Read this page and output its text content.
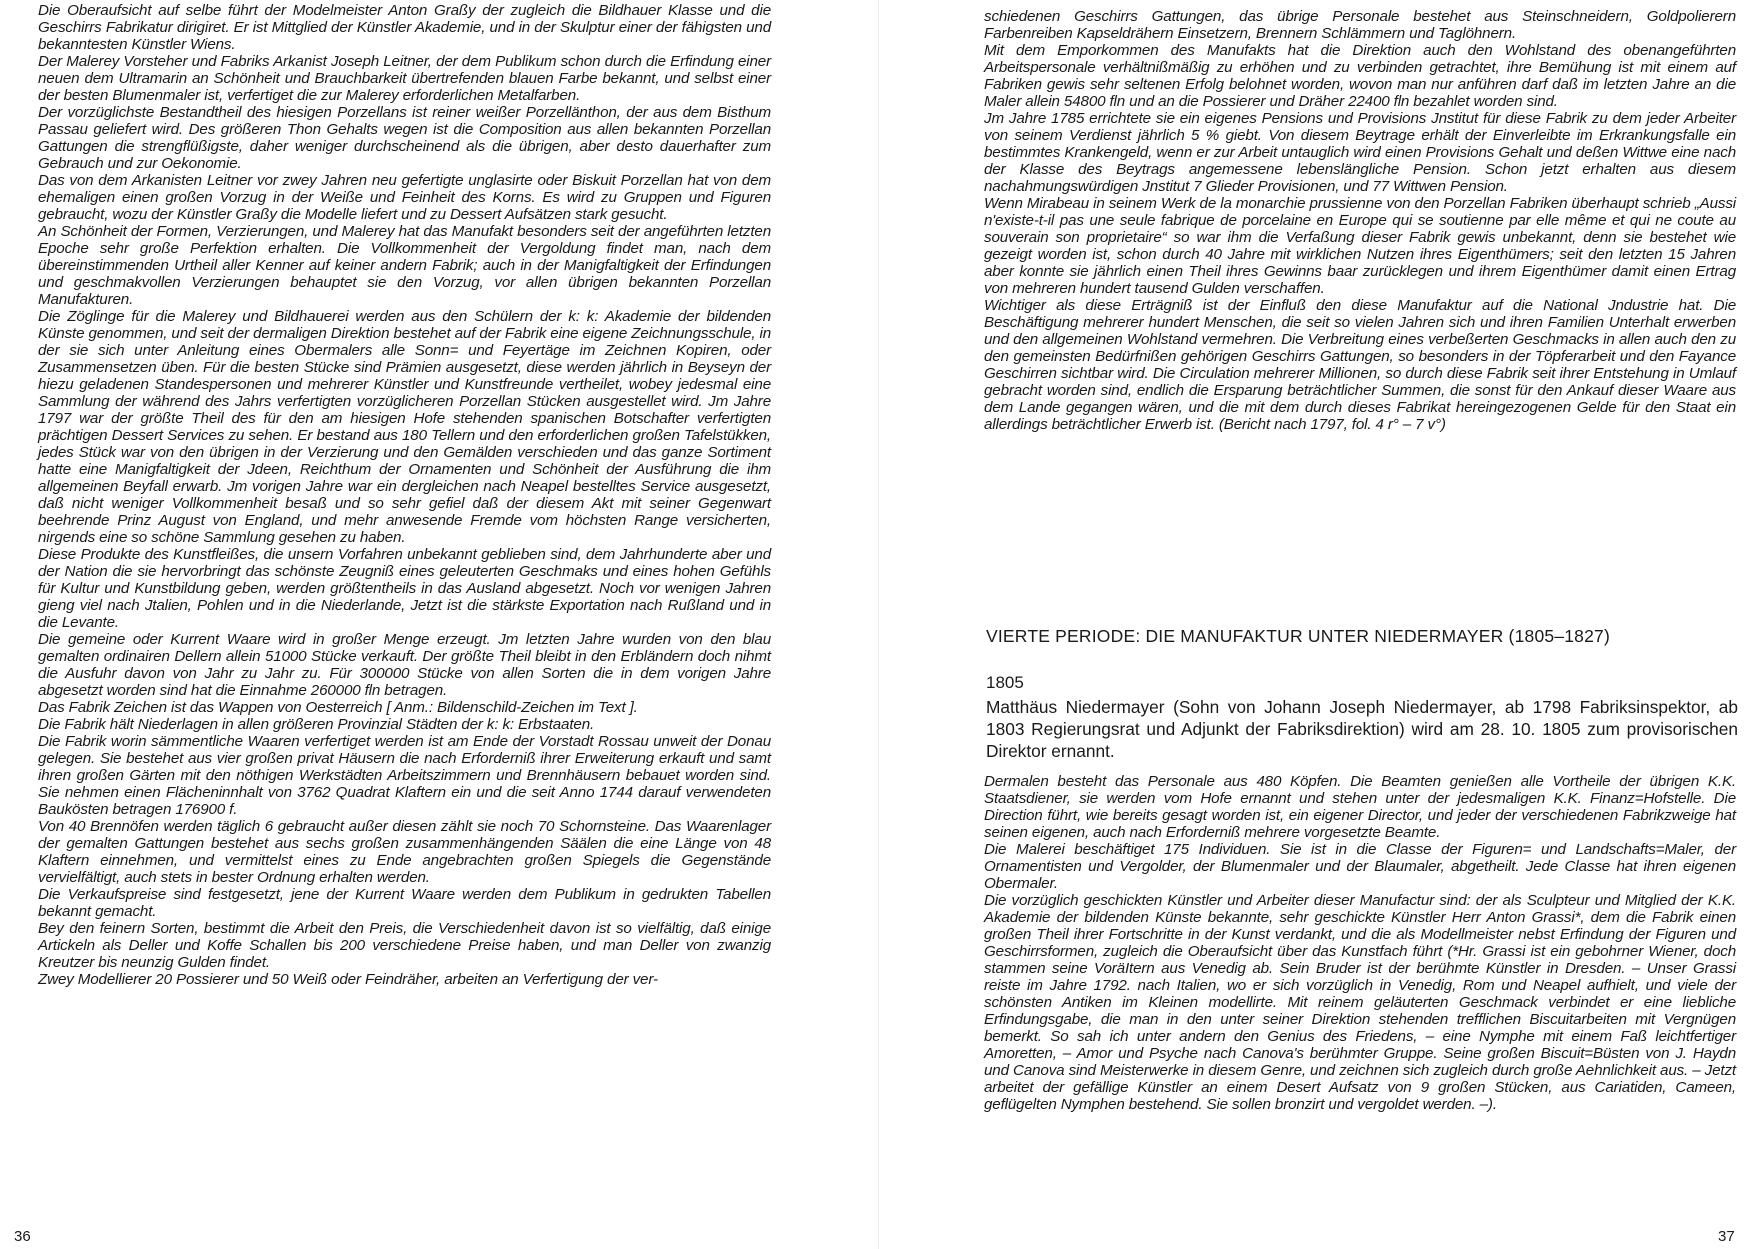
Die Oberaufsicht auf selbe führt der Modelmeister Anton Graßy der zugleich die Bildhauer Klasse und die Geschirrs Fabrikatur dirigiret. Er ist Mittglied der Künstler Akademie, und in der Skulptur einer der fähigsten und bekanntesten Künstler Wiens.

Der Malerey Vorsteher und Fabriks Arkanist Joseph Leitner, der dem Publikum schon durch die Erfindung einer neuen dem Ultramarin an Schönheit und Brauchbarkeit übertrefenden blauen Farbe bekannt, und selbst einer der besten Blumenmaler ist, verfertiget die zur Malerey erforderlichen Metalfarben.

Der vorzüglichste Bestandtheil des hiesigen Porzellans ist reiner weißer Porzellänthon, der aus dem Bisthum Passau geliefert wird. Des größeren Thon Gehalts wegen ist die Composition aus allen bekannten Porzellan Gattungen die strengflüßigste, daher weniger durchscheinend als die übrigen, aber desto dauerhafter zum Gebrauch und zur Oekonomie.

Das von dem Arkanisten Leitner vor zwey Jahren neu gefertigte unglasirte oder Biskuit Porzellan hat von dem ehemaligen einen großen Vorzug in der Weiße und Feinheit des Korns. Es wird zu Gruppen und Figuren gebraucht, wozu der Künstler Graßy die Modelle liefert und zu Dessert Aufsätzen stark gesucht.

An Schönheit der Formen, Verzierungen, und Malerey hat das Manufakt besonders seit der angeführten letzten Epoche sehr große Perfektion erhalten. Die Vollkommenheit der Vergoldung findet man, nach dem übereinstimmenden Urtheil aller Kenner auf keiner andern Fabrik; auch in der Manigfaltigkeit der Erfindungen und geschmakvollen Verzierungen behauptet sie den Vorzug, vor allen übrigen bekannten Porzellan Manufakturen.

Die Zöglinge für die Malerey und Bildhauerei werden aus den Schülern der k: k: Akademie der bildenden Künste genommen, und seit der dermaligen Direktion bestehet auf der Fabrik eine eigene Zeichnungsschule, in der sie sich unter Anleitung eines Obermalers alle Sonn= und Feyertäge im Zeichnen Kopiren, oder Zusammensetzen üben. Für die besten Stücke sind Prämien ausgesetzt, diese werden jährlich in Beyseyn der hiezu geladenen Standespersonen und mehrerer Künstler und Kunstfreunde vertheilet, wobey jedesmal eine Sammlung der während des Jahrs verfertigten vorzüglicheren Porzellan Stücken ausgestellet wird. Jm Jahre 1797 war der größte Theil des für den am hiesigen Hofe stehenden spanischen Botschafter verfertigten prächtigen Dessert Services zu sehen. Er bestand aus 180 Tellern und den erforderlichen großen Tafelstükken, jedes Stück war von den übrigen in der Verzierung und den Gemälden verschieden und das ganze Sortiment hatte eine Manigfaltigkeit der Jdeen, Reichthum der Ornamenten und Schönheit der Ausführung die ihm allgemeinen Beyfall erwarb. Jm vorigen Jahre war ein dergleichen nach Neapel bestelltes Service ausgesetzt, daß nicht weniger Vollkommenheit besaß und so sehr gefiel daß der diesem Akt mit seiner Gegenwart beehrende Prinz August von England, und mehr anwesende Fremde vom höchsten Range versicherten, nirgends eine so schöne Sammlung gesehen zu haben.

Diese Produkte des Kunstfleißes, die unsern Vorfahren unbekannt geblieben sind, dem Jahrhunderte aber und der Nation die sie hervorbringt das schönste Zeugniß eines geleuterten Geschmaks und eines hohen Gefühls für Kultur und Kunstbildung geben, werden größtentheils in das Ausland abgesetzt. Noch vor wenigen Jahren gieng viel nach Jtalien, Pohlen und in die Niederlande, Jetzt ist die stärkste Exportation nach Rußland und in die Levante.

Die gemeine oder Kurrent Waare wird in großer Menge erzeugt. Jm letzten Jahre wurden von den blau gemalten ordinairen Dellern allein 51000 Stücke verkauft. Der größte Theil bleibt in den Erbländern doch nihmt die Ausfuhr davon von Jahr zu Jahr zu. Für 300000 Stücke von allen Sorten die in dem vorigen Jahre abgesetzt worden sind hat die Einnahme 260000 fln betragen.

Das Fabrik Zeichen ist das Wappen von Oesterreich [ Anm.: Bildenschild-Zeichen im Text ].

Die Fabrik hält Niederlagen in allen größeren Provinzial Städten der k: k: Erbstaaten.

Die Fabrik worin sämmentliche Waaren verfertiget werden ist am Ende der Vorstadt Rossau unweit der Donau gelegen. Sie bestehet aus vier großen privat Häusern die nach Erforderniß ihrer Erweiterung erkauft und samt ihren großen Gärten mit den nöthigen Werkstädten Arbeitszimmern und Brennhäusern bebauet worden sind. Sie nehmen einen Flächeninnhalt von 3762 Quadrat Klaftern ein und die seit Anno 1744 darauf verwendeten Baukösten betragen 176900 f.

Von 40 Brennöfen werden täglich 6 gebraucht außer diesen zählt sie noch 70 Schornsteine. Das Waarenlager der gemalten Gattungen bestehet aus sechs großen zusammenhängenden Säälen die eine Länge von 48 Klaftern einnehmen, und vermittelst eines zu Ende angebrachten großen Spiegels die Gegenstände vervielfältigt, auch stets in bester Ordnung erhalten werden.

Die Verkaufspreise sind festgesetzt, jene der Kurrent Waare werden dem Publikum in gedrukten Tabellen bekannt gemacht.

Bey den feinern Sorten, bestimmt die Arbeit den Preis, die Verschiedenheit davon ist so vielfältig, daß einige Artickeln als Deller und Koffe Schallen bis 200 verschiedene Preise haben, und man Deller von zwanzig Kreutzer bis neunzig Gulden findet.

Zwey Modellierer 20 Possierer und 50 Weiß oder Feindräher, arbeiten an Verfertigung der ver-

36

schiedenen Geschirrs Gattungen, das übrige Personale bestehet aus Steinschneidern, Goldpolierern Farbenreiben Kapseldrähern Einsetzern, Brennern Schlämmern und Taglöhnern.

Mit dem Emporkommen des Manufakts hat die Direktion auch den Wohlstand des obenangeführten Arbeitspersonale verhältnißmäßig zu erhöhen und zu verbinden getrachtet, ihre Bemühung ist mit einem auf Fabriken gewis sehr seltenen Erfolg belohnet worden, wovon man nur anführen darf daß im letzten Jahre an die Maler allein 54800 fln und an die Possierer und Dräher 22400 fln bezahlet worden sind.

Jm Jahre 1785 errichtete sie ein eigenes Pensions und Provisions Jnstitut für diese Fabrik zu dem jeder Arbeiter von seinem Verdienst jährlich 5 % giebt. Von diesem Beytrage erhält der Einverleibte im Erkrankungsfalle ein bestimmtes Krankengeld, wenn er zur Arbeit untauglich wird einen Provisions Gehalt und deßen Wittwe eine nach der Klasse des Beytrags angemessene lebenslängliche Pension. Schon jetzt erhalten aus diesem nachahmungswürdigen Jnstitut 7 Glieder Provisionen, und 77 Wittwen Pension.

Wenn Mirabeau in seinem Werk de la monarchie prussienne von den Porzellan Fabriken überhaupt schrieb „Aussi n'existe-t-il pas une seule fabrique de porcelaine en Europe qui se soutienne par elle même et qui ne coute au souverain son proprietaire“ so war ihm die Verfaßung dieser Fabrik gewis unbekannt, denn sie bestehet wie gezeigt worden ist, schon durch 40 Jahre mit wirklichen Nutzen ihres Eigenthümers; seit den letzten 15 Jahren aber konnte sie jährlich einen Theil ihres Gewinns baar zurücklegen und ihrem Eigenthümer damit einen Ertrag von mehreren hundert tausend Gulden verschaffen.

Wichtiger als diese Erträgniß ist der Einfluß den diese Manufaktur auf die National Jndustrie hat. Die Beschäftigung mehrerer hundert Menschen, die seit so vielen Jahren sich und ihren Familien Unterhalt erwerben und den allgemeinen Wohlstand vermehren. Die Verbreitung eines verbeßerten Geschmacks in allen auch den zu den gemeinsten Bedürfnißen gehörigen Geschirrs Gattungen, so besonders in der Töpferarbeit und den Fayance Geschirren sichtbar wird. Die Circulation mehrerer Millionen, so durch diese Fabrik seit ihrer Entstehung in Umlauf gebracht worden sind, endlich die Ersparung beträchtlicher Summen, die sonst für den Ankauf dieser Waare aus dem Lande gegangen wären, und die mit dem durch dieses Fabrikat hereingezogenen Gelde für den Staat ein allerdings beträchtlicher Erwerb ist. (Bericht nach 1797, fol. 4 r° – 7 v°)

VIERTE PERIODE: DIE MANUFAKTUR UNTER NIEDERMAYER (1805–1827)
1805
Matthäus Niedermayer (Sohn von Johann Joseph Niedermayer, ab 1798 Fabriksinspektor, ab 1803 Regierungsrat und Adjunkt der Fabriksdirektion) wird am 28. 10. 1805 zum provisorischen Direktor ernannt.

Dermalen besteht das Personale aus 480 Köpfen. Die Beamten genießen alle Vortheile der übrigen K.K. Staatsdiener, sie werden vom Hofe ernannt und stehen unter der jedesmaligen K.K. Finanz=Hofstelle. Die Direction führt, wie bereits gesagt worden ist, ein eigener Director, und jeder der verschiedenen Fabrikzweige hat seinen eigenen, auch nach Erforderniß mehrere vorgesetzte Beamte.

Die Malerei beschäftiget 175 Individuen. Sie ist in die Classe der Figuren= und Landschafts=Maler, der Ornamentisten und Vergolder, der Blumenmaler und der Blaumaler, abgetheilt. Jede Classe hat ihren eigenen Obermaler.

Die vorzüglich geschickten Künstler und Arbeiter dieser Manufactur sind: der als Sculpteur und Mitglied der K.K. Akademie der bildenden Künste bekannte, sehr geschickte Künstler Herr Anton Grassi*, dem die Fabrik einen großen Theil ihrer Fortschritte in der Kunst verdankt, und die als Modellmeister nebst Erfindung der Figuren und Geschirrsformen, zugleich die Oberaufsicht über das Kunstfach führt (*Hr. Grassi ist ein gebohrner Wiener, doch stammen seine VoräItern aus Venedig ab. Sein Bruder ist der berühmte Künstler in Dresden. – Unser Grassi reiste im Jahre 1792. nach Italien, wo er sich vorzüglich in Venedig, Rom und Neapel aufhielt, und viele der schönsten Antiken im Kleinen modellirte. Mit reinem geläuterten Geschmack verbindet er eine liebliche Erfindungsgabe, die man in den unter seiner Direktion stehenden trefflichen Biscuitarbeiten mit Vergnügen bemerkt. So sah ich unter andern den Genius des Friedens, – eine Nymphe mit einem Faß leichtfertiger Amoretten, – Amor und Psyche nach Canova's berühmter Gruppe. Seine großen Biscuit=Büsten von J. Haydn und Canova sind Meisterwerke in diesem Genre, und zeichnen sich zugleich durch große Aehnlichkeit aus. – Jetzt arbeitet der gefällige Künstler an einem Desert Aufsatz von 9 großen Stücken, aus Cariatiden, Cameen, geflügelten Nymphen bestehend. Sie sollen bronzirt und vergoldet werden. –).

37
